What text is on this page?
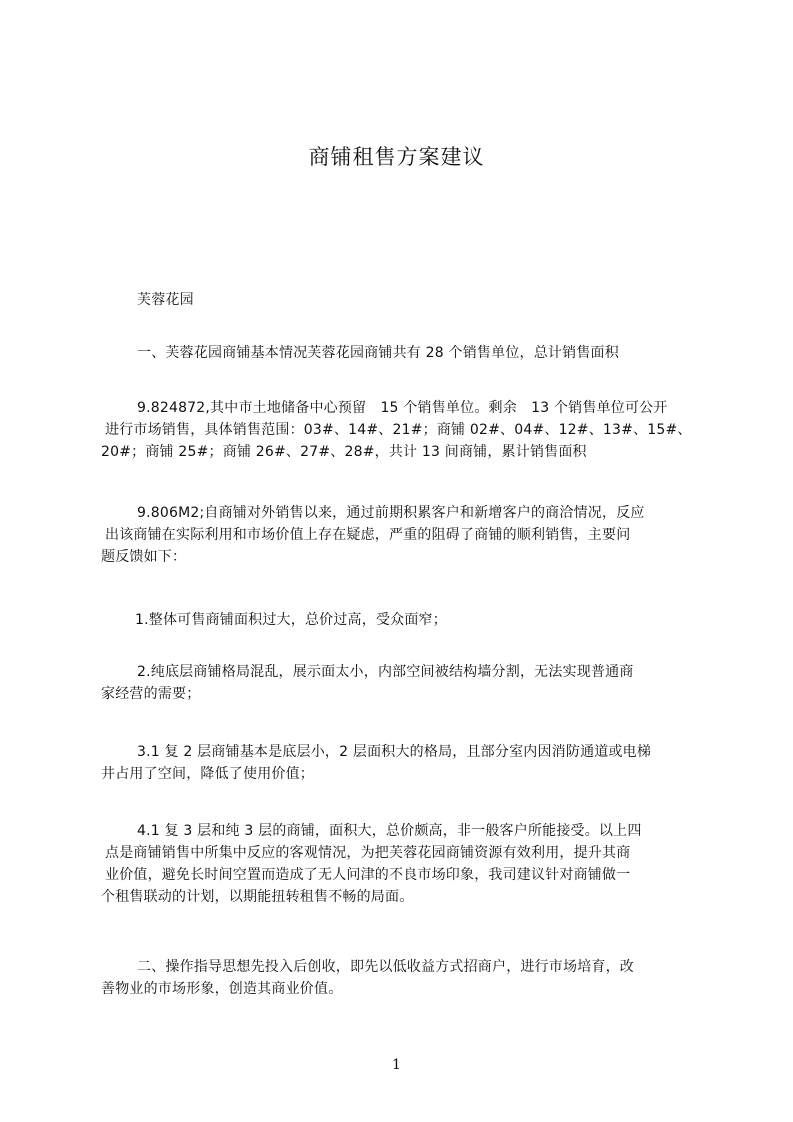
商铺租售方案建议
芙蓉花园
一、芙蓉花园商铺基本情况芙蓉花园商铺共有 28 个销售单位，总计销售面积
9.824872,其中市土地储备中心预留　15 个销售单位。剩余　13 个销售单位可公开
进行市场销售，具体销售范围：03#、14#、21#；商铺 02#、04#、12#、13#、15#、
20#；商铺 25#；商铺 26#、27#、28#，共计 13 间商铺，累计销售面积
9.806M2;自商铺对外销售以来，通过前期积累客户和新增客户的商洽情况，反应
出该商铺在实际利用和市场价值上存在疑虑，严重的阻碍了商铺的顺利销售，主要问
题反馈如下：
1.整体可售商铺面积过大，总价过高，受众面窄；
2.纯底层商铺格局混乱，展示面太小，内部空间被结构墙分割，无法实现普通商
家经营的需要；
3.1 复 2 层商铺基本是底层小，2 层面积大的格局，且部分室内因消防通道或电梯
井占用了空间，降低了使用价值；
4.1 复 3 层和纯 3 层的商铺，面积大，总价颇高，非一般客户所能接受。以上四
点是商铺销售中所集中反应的客观情况，为把芙蓉花园商铺资源有效利用，提升其商
业价值，避免长时间空置而造成了无人问津的不良市场印象，我司建议针对商铺做一
个租售联动的计划，以期能扭转租售不畅的局面。
二、操作指导思想先投入后创收，即先以低收益方式招商户，进行市场培育，改
善物业的市场形象，创造其商业价值。
1
